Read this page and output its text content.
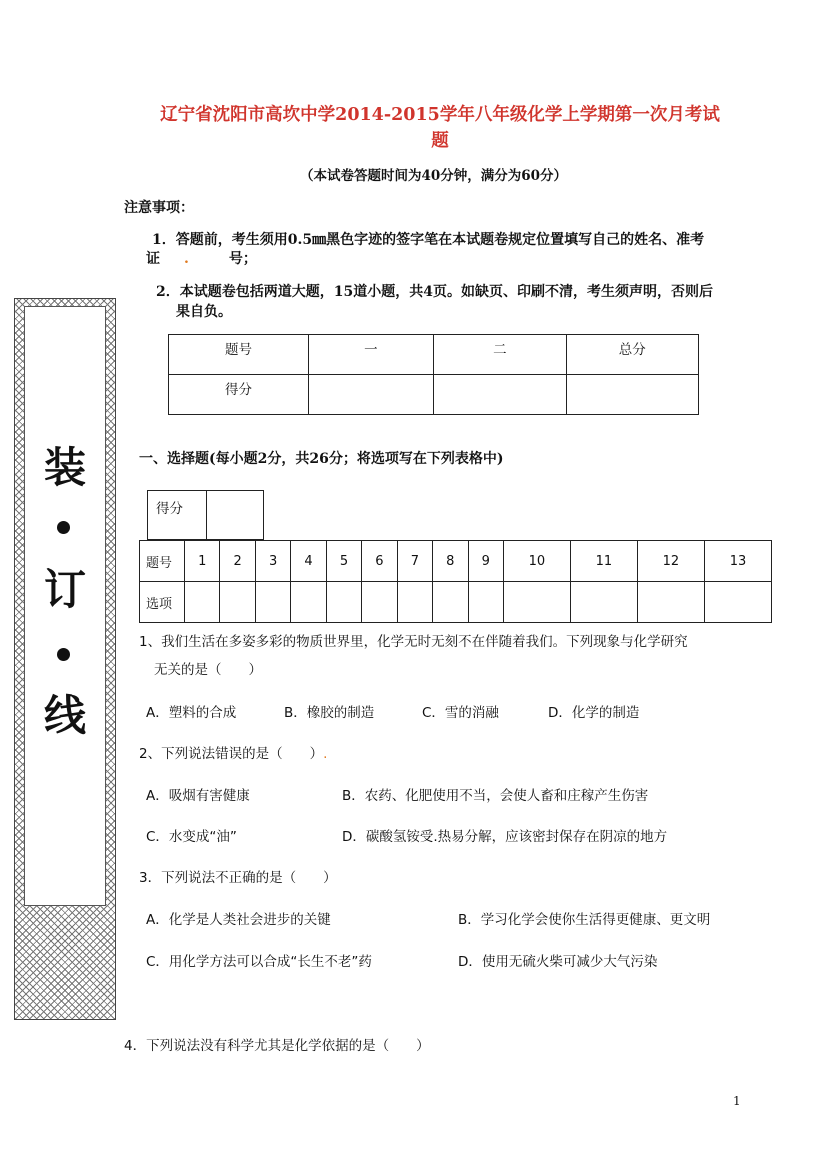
辽宁省沈阳市高坎中学2014-2015学年八年级化学上学期第一次月考试
题
（本试卷答题时间为40分钟，满分为60分）
注意事项：
1．答题前，考生须用0.5㎜黑色字迹的签字笔在本试题卷规定位置填写自己的姓名、准考
证 .	号；
2．本试题卷包括两道大题，15道小题，共4页。如缺页、印刷不清，考生须声明，否则后
果自负。
题号	一	二	总分
得分			
装
订
线
一、选择题(每小题2分，共26分；将选项写在下列表格中)
得分	
题号	1	2	3	4	5	6	7	8	9	10	11	12	13
选项													
1、我们生活在多姿多彩的物质世界里，化学无时无刻不在伴随着我们。下列现象与化学研究
无关的是（　　）
A．塑料的合成	B．橡胶的制造	C．雪的消融	D．化学的制造
2、下列说法错误的是（　　）.
A．吸烟有害健康	B．农药、化肥使用不当，会使人畜和庄稼产生伤害
C．水变成“油”	D．碳酸氢铵受.热易分解，应该密封保存在阴凉的地方
3．下列说法不正确的是（　　）
A．化学是人类社会进步的关键	B．学习化学会使你生活得更健康、更文明
C．用化学方法可以合成“长生不老”药	D．使用无硫火柴可减少大气污染
4．下列说法没有科学尤其是化学依据的是（　　）
1
